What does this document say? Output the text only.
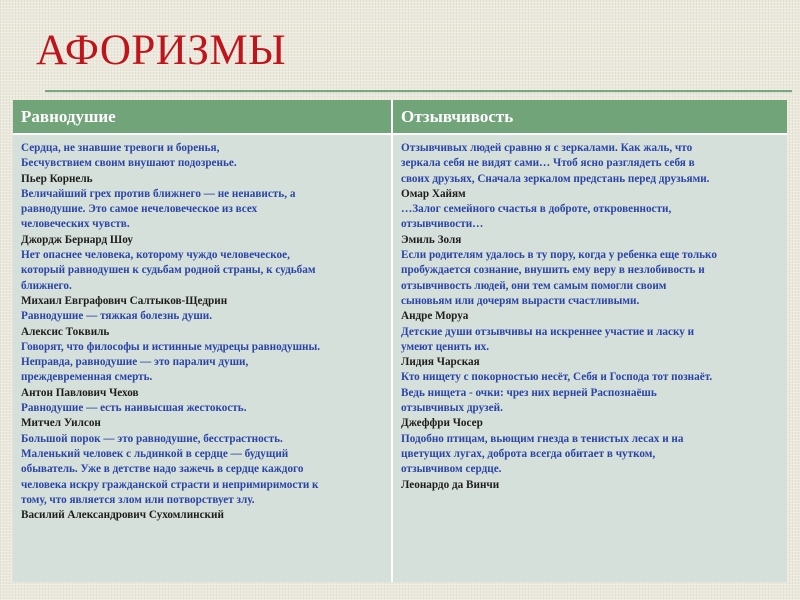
АФОРИЗМЫ
Равнодушие	Отзывчивость
Сердца, не знавшие тревоги и боренья,
Бесчувствием своим внушают подозренье.
Пьер Корнель
Величайший грех против ближнего — не ненависть, а
равнодушие. Это самое нечеловеческое из всех
человеческих чувств.
Джордж Бернард Шоу
Нет опаснее человека, которому чуждо человеческое,
который равнодушен к судьбам родной страны, к судьбам
ближнего.
Михаил Евграфович Салтыков-Щедрин
Равнодушие — тяжкая болезнь души.
Алексис Токвиль
Говорят, что философы и истинные мудрецы равнодушны.
Неправда, равнодушие — это паралич души,
преждевременная смерть.
Антон Павлович Чехов
Равнодушие — есть наивысшая жестокость.
Митчел Уилсон
Большой порок — это равнодушие, бесстрастность.
Маленький человек с льдинкой в сердце — будущий
обыватель. Уже в детстве надо зажечь в сердце каждого
человека искру гражданской страсти и непримиримости к
тому, что является злом или потворствует злу.
Василий Александрович Сухомлинский
Отзывчивых людей сравню я с зеркалами. Как жаль, что
зеркала себя не видят сами… Чтоб ясно разглядеть себя в
своих друзьях, Сначала зеркалом предстань перед друзьями.
Омар Хайям
…Залог семейного счастья в доброте, откровенности,
отзывчивости…
Эмиль Золя
Если родителям удалось в ту пору, когда у ребенка еще только
пробуждается сознание, внушить ему веру в незлобивость и
отзывчивость людей, они тем самым помогли своим
сыновьям или дочерям вырасти счастливыми.
Андре Моруа
Детские души отзывчивы на искреннее участие и ласку и
умеют ценить их.
Лидия Чарская
Кто нищету с покорностью несёт, Себя и Господа тот познаёт.
Ведь нищета - очки: чрез них верней Распознаёшь
отзывчивых друзей.
Джеффри Чосер
Подобно птицам, вьющим гнезда в тенистых лесах и на
цветущих лугах, доброта всегда обитает в чутком,
отзывчивом сердце.
Леонардо да Винчи
